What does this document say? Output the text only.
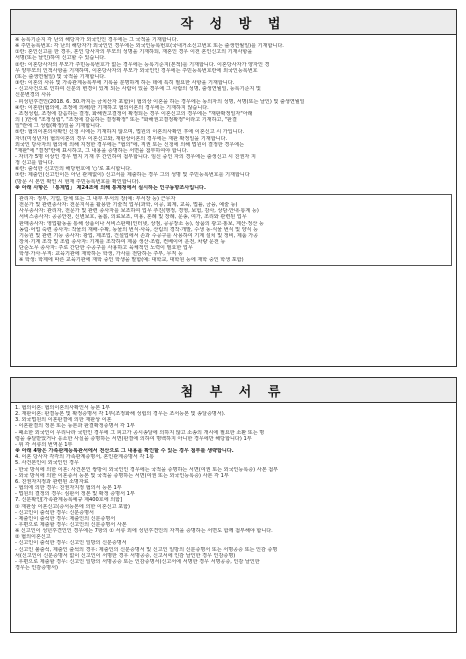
작 성 방 법
※ 등록기준지 각 난의 해당자가 외국인인 경우에는 그 국적을 기재합니다.
※ 주민등록번호: 각 난의 해당자가 외국인인 경우에는 외국인등록번호(국내거소신고번호 또는 출생연월일)를 기재합니다.
①란: 혼인신고를 한 경우, 혼인 당사자의 부모의 성명을 기재하되, 재혼인 경우 이전 혼인신고의 기재사항을
서명(또는 날인)하여 신고할 수 있습니다.
②란: 이혼당사자의 부모가 주민등록번호가 없는 경우에는 등록기준지(본적)를 기재합니다. 이혼당사자가 양자인 경
우 양부모의 인적사항을 기재하며, 이혼당사자의 부모가 외국인인 경우에는 주민등록번호란에 외국인등록번호
(또는 출생연월일) 및 국적을 기재합니다.
③란: 이혼의 사유 및 가족관계등록부에 기록을 분명하게 하는 데에 특히 필요한 사항을 기재합니다.
- 신고사건으로 인하여 신분의 변경이 있게 되는 사람이 있을 경우에 그 사람의 성명, 출생연월일, 등록기준지 및
신분변경의 사유
- 피성년후견인(2018. 6. 30.까지는 금치산자 포함)이 협의상 이혼을 하는 경우에는 동의자의 성명, 서명(또는 날인) 및 출생연월일
④란: 이혼한(협의에, 조정에 의해)한 기재하고 협의이혼의 경우에는 기재하지 않습니다.
- 조정성립, 조정에 갈음하는 결정, 화해권고결정이 확정되는 경우 이혼신고의 경우에는 "재판확정일자"아래
의 ( )안에 "조정성립", "조정에 갈음하는 결정확정" 또는 "화해권고결정확정"이라고 기재하고, "판결
일"란에 그 성립(확정)일을 기재합니다.
⑤란: 협의이혼의사확인 신청 시에는 기재하지 않으며, 법원의 이혼의사확인 후에 이혼신고 시 가입니다.
자녀(미성년자) 협의이혼의 경우 이혼신고와, 재판상이혼의 경우에는 재판 확정일을 기재합니다.
외국인 당사자의 협의에 의해 지정한 경우에는 "협의"에, 직권 또는 신청에 의해 법원이 결정한 경우에는
"재판"에 "결정"란에 표시하고, 그 내용을 증명하는 서면을 첨부하여야 합니다.
- 자녀가 5명 이상인 경우 별지 기재 후 간인하여 첨부합니다. 임신 중인 자의 경우에는 출생신고 시 친권자 지
정 신고를 합니다.
⑥란: 출석한 신고인의 해당번호에 '○'로 표시합니다.
⑦란: 제출인(신고인이든 아닌 관계없이) 신고서를 제출하는 경우 그의 성명 및 주민등록번호를 기재합니다
(방문 시 본인 확인 시 현재 주민등록번호를 확인합니다).
※ 아래 사항은 「통계법」 제24조에 의해 통계청에서 실시하는 인구동향조사입니다.
관리자: 정부, 기업, 단체 또는 그 내부 부서의 장(예: 부서장 등) 근무자
전문가 및 관련종사자: 전문지식을 활용한 기술적 업무(과학, 이공, 회계, 교육, 법률, 금융, 예술 등)
사무종사자: 관리자, 전문가 및 관련 종사자를 보조하여 업무 추진(행정, 경영, 보험, 감사, 상담·안내·통계 등)
서비스종사자: 공공안전, 신변보호, 돌봄, 의료보조, 미용, 혼례 및 장례, 운송, 여가, 조리와 관련된 업무
판매종사자: 영업활동을 통해 상품이나 서비스판매(인터넷, 상점, 공공장소 등), 상품의 광고·홍보, 계산·정산 등
농림·어업 숙련 종사자: 작물의 재배·수확, 동물의 번식·사육, 산림의 경작·개발, 수생 동·식물 번식 및 양식 등
기능원 및 관련 기능 종사자: 광업, 제조업, 건설업에서 손과 수공구를 사용하여 기계 설치 및 정비, 제품 가공
장치·기계 조작 및 조립 종사자: 기계를 조작하여 제품 생산·조립, 컨베이어 운전, 차량 운전 등
단순노무 종사자: 주로 간단한 수공구를 사용하고 육체적인 노력이 필요한 업무
학생·가사·무직: 교육기관에 재학하는 학생, 가사를 전담하는 주부, 무직 등
※ 학생: 학제에 따른 교육기관에 재학 중인 학생을 말함(예: 대학교, 대학원 등에 재학 중인 학생 포함)
첨 부 서 류
1. 협의이혼: 협의이혼의사확인서 등본 1부
2. 재판이혼: 판결등본 및 확정증명서 각 1부(조정화해 성립의 경우는 조서등본 및 송달증명서).
3. 외국법원의 이혼판결에 의한 재판상 이혼
- 이혼판결의 정본 또는 등본과 판결확정증명서 각 1부
- 패소한 외국인이 우리나라 국민인 경우에 그 피고가 공시송달에 의하지 않고 소송의 개시에 필요한 소환 또는 명
령을 송달받았거나 응소한 사실을 증명하는 서면(판결에 의하여 명백하지 아니한 경우에만 해당합니다) 1부
- 위 각 서류의 번역문 1부
※ 아래 4항은 가족관계등록관서에서 전산으로 그 내용을 확인할 수 있는 경우 첨부를 생략합니다.
4. 이혼 당사자 각각의 가족관계증명서, 혼인관계증명서 각 1통
5. 사건본인이 외국인인 경우
- 한국 방식에 의한 이혼: 사건본인 쌍방이 외국인인 경우에는 국적을 증명하는 서면(여권 또는 외국인등록증) 사본 첨부
- 외국 방식에 의한 이혼증서 등본 및 국적을 증명하는 서면(여권 또는 외국인등록증) 사본 각 1부
6. 친권자지정과 관련된 소명자료
- 협의에 의한 경우: 친권자지정 협의서 등본 1부
- 법원의 결정의 경우: 심판서 정본 및 확정 증명서 1부
7. 신분확인[가족관계등록예규 제400호에 의함]
① 재판상 이혼신고(증서등본에 의한 이혼신고 포함)
- 신고인이 출석한 경우: 신분증명서
- 제출인이 출석한 경우: 제출인의 신분증명서
- 우편으로 제출할 경우: 신고인의 신분증명서 사본
※ 신고인이 성년후견인인 경우에는 7항의 ① 서류 외에 성년후견인의 자격을 증명하는 서면도 함께 첨부해야 합니다.
② 협의이혼신고
- 신고인이 출석한 경우: 신고인 일방의 신분증명서
- 신고인 불출석, 제출인 출석의 경우: 제출인의 신분증명서 및 신고인 일방의 신분증명서 또는 서명공증 또는 인감 증명
서(신고인이 신분증명서 없이 신고인이 서명한 경우 서명공증, 신고서에 인감 날인한 경우 인감증명)
- 우편으로 제출할 경우: 신고인 일방의 서명공증 또는 인감증명서(신고서에 서명한 경우 서명공증, 인감 날인한
경우는 인감증명서)
